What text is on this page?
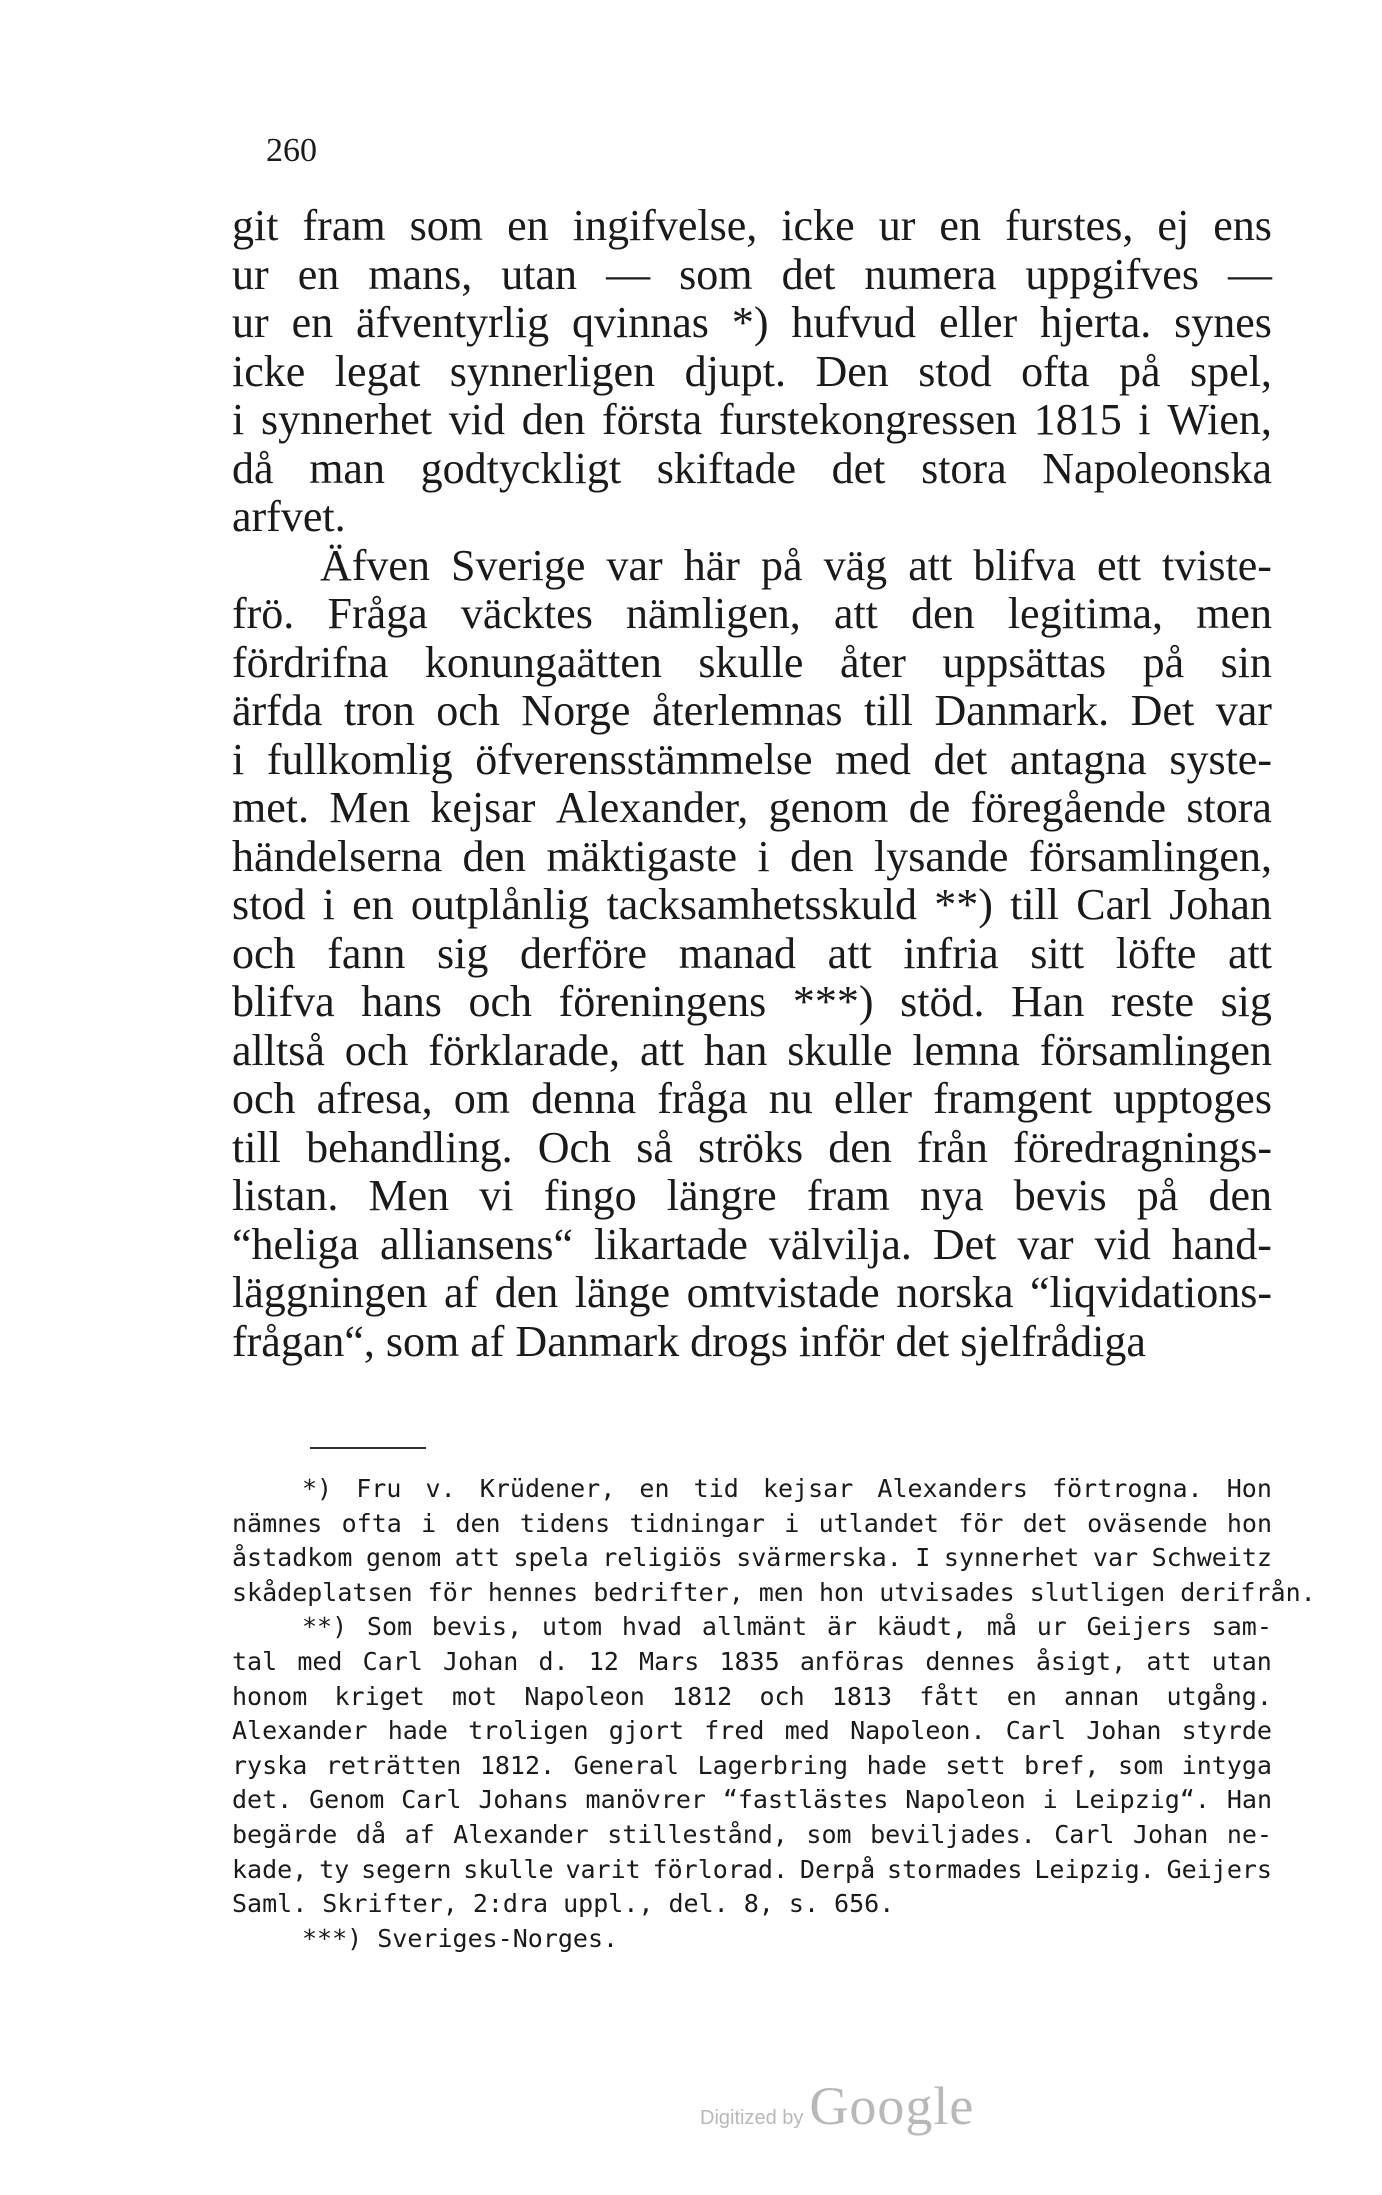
260
git fram som en ingifvelse, icke ur en furstes, ej ens
ur en mans, utan — som det numera uppgifves —
ur en äfventyrlig qvinnas *) hufvud eller hjerta. synes
icke legat synnerligen djupt. Den stod ofta på spel,
i synnerhet vid den första furstekongressen 1815 i Wien,
då man godtyckligt skiftade det stora Napoleonska
arfvet.
Äfven Sverige var här på väg att blifva ett tviste-
frö. Fråga väcktes nämligen, att den legitima, men
fördrifna konungaätten skulle åter uppsättas på sin
ärfda tron och Norge återlemnas till Danmark. Det var
i fullkomlig öfverensstämmelse med det antagna syste-
met. Men kejsar Alexander, genom de föregående stora
händelserna den mäktigaste i den lysande församlingen,
stod i en outplånlig tacksamhetsskuld **) till Carl Johan
och fann sig derföre manad att infria sitt löfte att
blifva hans och föreningens ***) stöd. Han reste sig
alltså och förklarade, att han skulle lemna församlingen
och afresa, om denna fråga nu eller framgent upptoges
till behandling. Och så ströks den från föredragnings-
listan. Men vi fingo längre fram nya bevis på den
“heliga alliansens“ likartade välvilja. Det var vid hand-
läggningen af den länge omtvistade norska “liqvidations-
frågan“, som af Danmark drogs inför det sjelfrådiga
*) Fru v. Krüdener, en tid kejsar Alexanders förtrogna. Hon
nämnes ofta i den tidens tidningar i utlandet för det oväsende hon
åstadkom genom att spela religiös svärmerska. I synnerhet var Schweitz
skådeplatsen för hennes bedrifter, men hon utvisades slutligen derifrån.
**) Som bevis, utom hvad allmänt är käudt, må ur Geijers sam-
tal med Carl Johan d. 12 Mars 1835 anföras dennes åsigt, att utan
honom kriget mot Napoleon 1812 och 1813 fått en annan utgång.
Alexander hade troligen gjort fred med Napoleon. Carl Johan styrde
ryska reträtten 1812. General Lagerbring hade sett bref, som intyga
det. Genom Carl Johans manövrer “fastlästes Napoleon i Leipzig“. Han
begärde då af Alexander stillestånd, som beviljades. Carl Johan ne-
kade, ty segern skulle varit förlorad. Derpå stormades Leipzig. Geijers
Saml. Skrifter, 2:dra uppl., del. 8, s. 656.
***) Sveriges-Norges.
Digitized by Google
